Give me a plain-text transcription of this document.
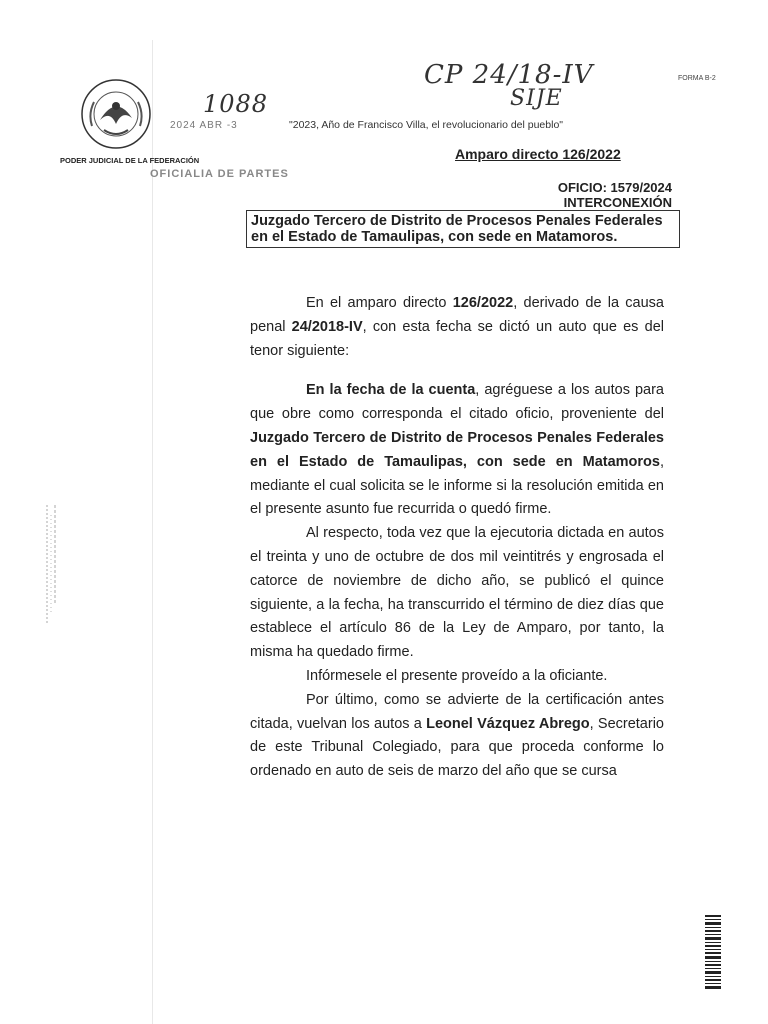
1088
CP 24/18-IV
SIJE
FORMA B-2
2024 ABR -3	"2023, Año de Francisco Villa, el revolucionario del pueblo"
PODER JUDICIAL DE LA FEDERACIÓN
OFICIALIA DE PARTES
Amparo directo 126/2022
OFICIO: 1579/2024
INTERCONEXIÓN
Juzgado Tercero de Distrito de Procesos Penales Federales en el Estado de Tamaulipas, con sede en Matamoros.

En el amparo directo 126/2022, derivado de la causa penal 24/2018-IV, con esta fecha se dictó un auto que es del tenor siguiente:

En la fecha de la cuenta, agréguese a los autos para que obre como corresponda el citado oficio, proveniente del Juzgado Tercero de Distrito de Procesos Penales Federales en el Estado de Tamaulipas, con sede en Matamoros, mediante el cual solicita se le informe si la resolución emitida en el presente asunto fue recurrida o quedó firme.

Al respecto, toda vez que la ejecutoria dictada en autos el treinta y uno de octubre de dos mil veintitrés y engrosada el catorce de noviembre de dicho año, se publicó el quince siguiente, a la fecha, ha transcurrido el término de diez días que establece el artículo 86 de la Ley de Amparo, por tanto, la misma ha quedado firme.

Infórmesele el presente proveído a la oficiante.

Por último, como se advierte de la certificación antes citada, vuelvan los autos a Leonel Vázquez Abrego, Secretario de este Tribunal Colegiado, para que proceda conforme lo ordenado en auto de seis de marzo del año que se cursa
